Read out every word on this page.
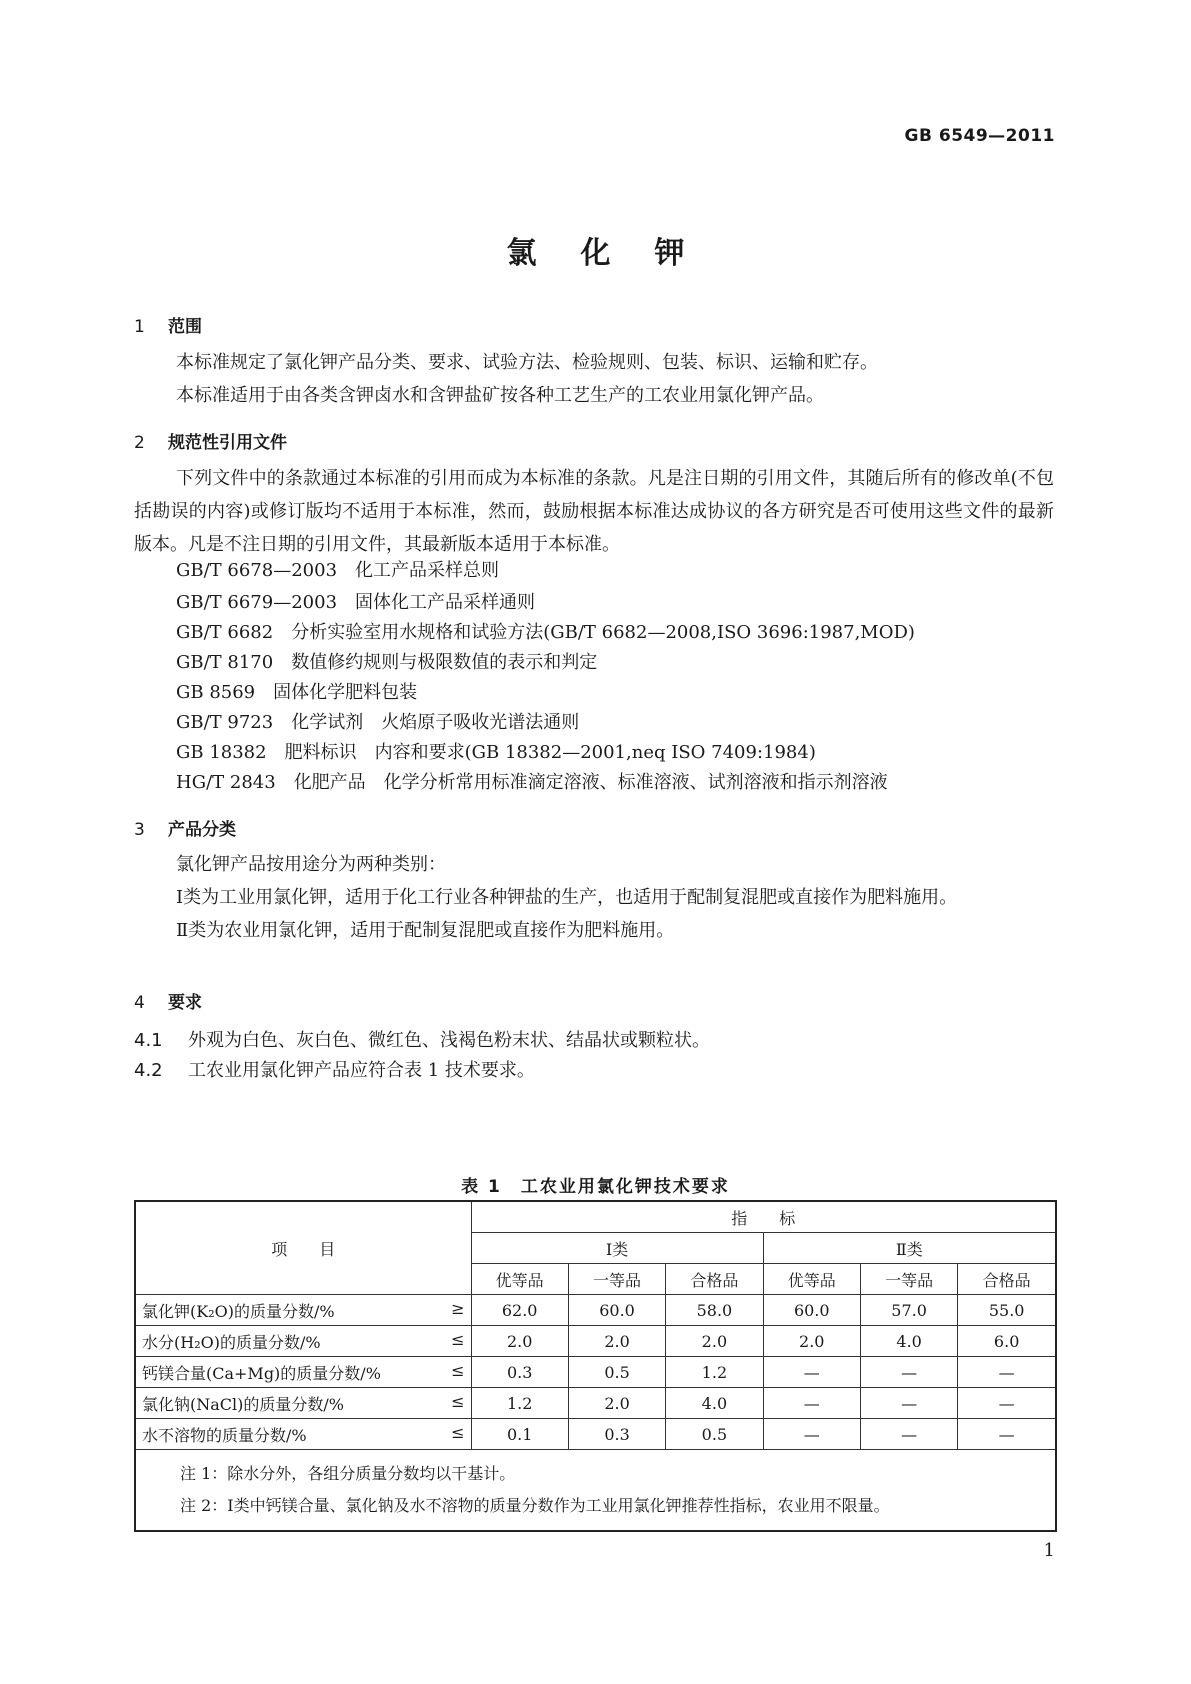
GB 6549—2011
氯化钾
1 范围

本标准规定了氯化钾产品分类、要求、试验方法、检验规则、包装、标识、运输和贮存。

本标准适用于由各类含钾卤水和含钾盐矿按各种工艺生产的工农业用氯化钾产品。

2 规范性引用文件

下列文件中的条款通过本标准的引用而成为本标准的条款。凡是注日期的引用文件，其随后所有的修改单(不包括勘误的内容)或修订版均不适用于本标准，然而，鼓励根据本标准达成协议的各方研究是否可使用这些文件的最新版本。凡是不注日期的引用文件，其最新版本适用于本标准。

GB/T 6678—2003 化工产品采样总则
GB/T 6679—2003 固体化工产品采样通则
GB/T 6682 分析实验室用水规格和试验方法(GB/T 6682—2008,ISO 3696:1987,MOD)
GB/T 8170 数值修约规则与极限数值的表示和判定
GB 8569 固体化学肥料包装
GB/T 9723 化学试剂　火焰原子吸收光谱法通则
GB 18382 肥料标识　内容和要求(GB 18382—2001,neq ISO 7409:1984)
HG/T 2843 化肥产品　化学分析常用标准滴定溶液、标准溶液、试剂溶液和指示剂溶液
3 产品分类

氯化钾产品按用途分为两种类别：

Ⅰ类为工业用氯化钾，适用于化工行业各种钾盐的生产，也适用于配制复混肥或直接作为肥料施用。

Ⅱ类为农业用氯化钾，适用于配制复混肥或直接作为肥料施用。

4 要求
4.1 外观为白色、灰白色、微红色、浅褐色粉末状、结晶状或颗粒状。
4.2 工农业用氯化钾产品应符合表 1 技术要求。
表 1　工农业用氯化钾技术要求
项　　目	指　　标					
	Ⅰ类			Ⅱ类		
	优等品	一等品	合格品	优等品	一等品	合格品
氯化钾(K₂O)的质量分数/% ≥	62.0	60.0	58.0	60.0	57.0	55.0
水分(H₂O)的质量分数/% ≤	2.0	2.0	2.0	2.0	4.0	6.0
钙镁合量(Ca+Mg)的质量分数/% ≤	0.3	0.5	1.2	—	—	—
氯化钠(NaCl)的质量分数/% ≤	1.2	2.0	4.0	—	—	—
水不溶物的质量分数/% ≤	0.1	0.3	0.5	—	—	—

注 1：除水分外，各组分质量分数均以干基计。
注 2：Ⅰ类中钙镁合量、氯化钠及水不溶物的质量分数作为工业用氯化钾推荐性指标，农业用不限量。						
1
